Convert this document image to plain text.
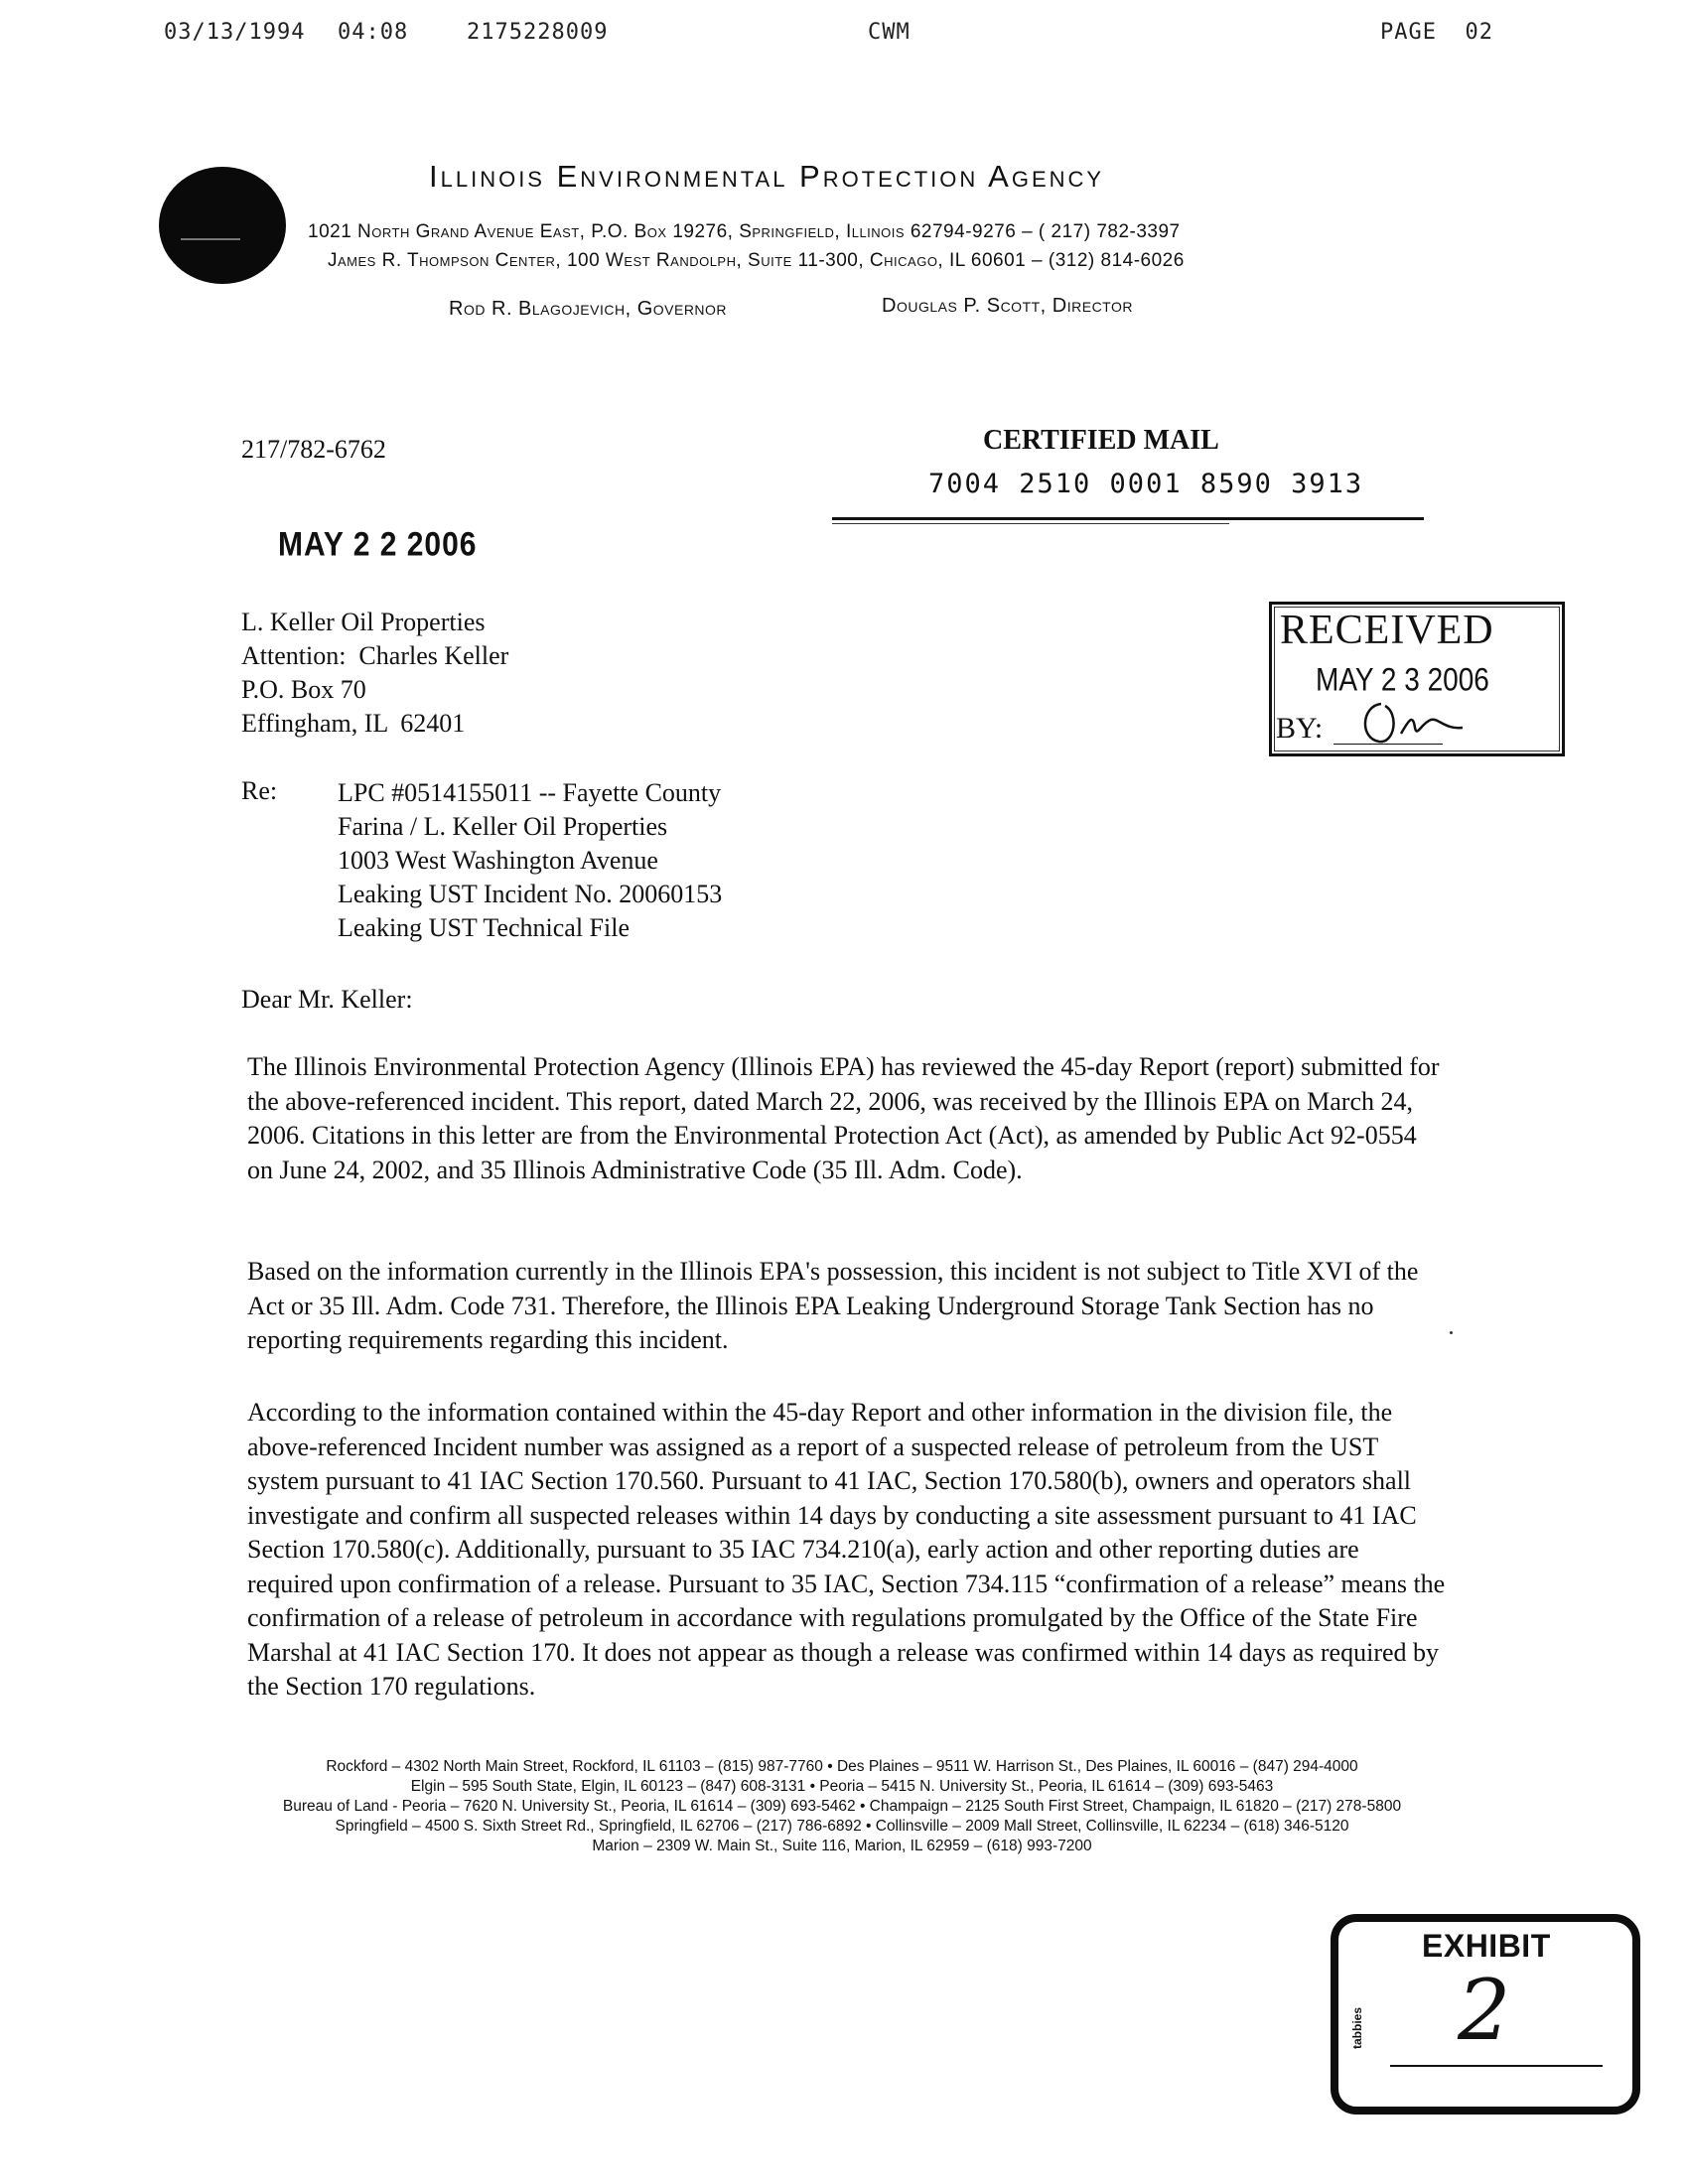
03/13/1994 04:08	2175228009	CWM	PAGE  02
Illinois Environmental Protection Agency
1021 North Grand Avenue East, P.O. Box 19276, Springfield, Illinois 62794-9276 – ( 217) 782-3397
James R. Thompson Center, 100 West Randolph, Suite 11-300, Chicago, IL 60601 – (312) 814-6026
Rod R. Blagojevich, Governor	Douglas P. Scott, Director
217/782-6762	CERTIFIED MAIL
7004 2510 0001 8590 3913
MAY 2 2 2006
RECEIVED
MAY 2 3 2006
BY:
L. Keller Oil Properties
Attention:  Charles Keller
P.O. Box 70
Effingham, IL  62401
Re: LPC #0514155011 -- Fayette County
Farina / L. Keller Oil Properties
1003 West Washington Avenue
Leaking UST Incident No. 20060153
Leaking UST Technical File
Dear Mr. Keller:

The Illinois Environmental Protection Agency (Illinois EPA) has reviewed the 45-day Report (report) submitted for the above-referenced incident. This report, dated March 22, 2006, was received by the Illinois EPA on March 24, 2006. Citations in this letter are from the Environmental Protection Act (Act), as amended by Public Act 92-0554 on June 24, 2002, and 35 Illinois Administrative Code (35 Ill. Adm. Code).

Based on the information currently in the Illinois EPA's possession, this incident is not subject to Title XVI of the Act or 35 Ill. Adm. Code 731. Therefore, the Illinois EPA Leaking Underground Storage Tank Section has no reporting requirements regarding this incident.

According to the information contained within the 45-day Report and other information in the division file, the above-referenced Incident number was assigned as a report of a suspected release of petroleum from the UST system pursuant to 41 IAC Section 170.560. Pursuant to 41 IAC, Section 170.580(b), owners and operators shall investigate and confirm all suspected releases within 14 days by conducting a site assessment pursuant to 41 IAC Section 170.580(c). Additionally, pursuant to 35 IAC 734.210(a), early action and other reporting duties are required upon confirmation of a release. Pursuant to 35 IAC, Section 734.115 “confirmation of a release” means the confirmation of a release of petroleum in accordance with regulations promulgated by the Office of the State Fire Marshal at 41 IAC Section 170. It does not appear as though a release was confirmed within 14 days as required by the Section 170 regulations.

Rockford – 4302 North Main Street, Rockford, IL 61103 – (815) 987-7760 • Des Plaines – 9511 W. Harrison St., Des Plaines, IL 60016 – (847) 294-4000
Elgin – 595 South State, Elgin, IL 60123 – (847) 608-3131 • Peoria – 5415 N. University St., Peoria, IL 61614 – (309) 693-5463
Bureau of Land - Peoria – 7620 N. University St., Peoria, IL 61614 – (309) 693-5462 • Champaign – 2125 South First Street, Champaign, IL 61820 – (217) 278-5800
Springfield – 4500 S. Sixth Street Rd., Springfield, IL 62706 – (217) 786-6892 • Collinsville – 2009 Mall Street, Collinsville, IL 62234 – (618) 346-5120
Marion – 2309 W. Main St., Suite 116, Marion, IL 62959 – (618) 993-7200
EXHIBIT
tabbies 2
